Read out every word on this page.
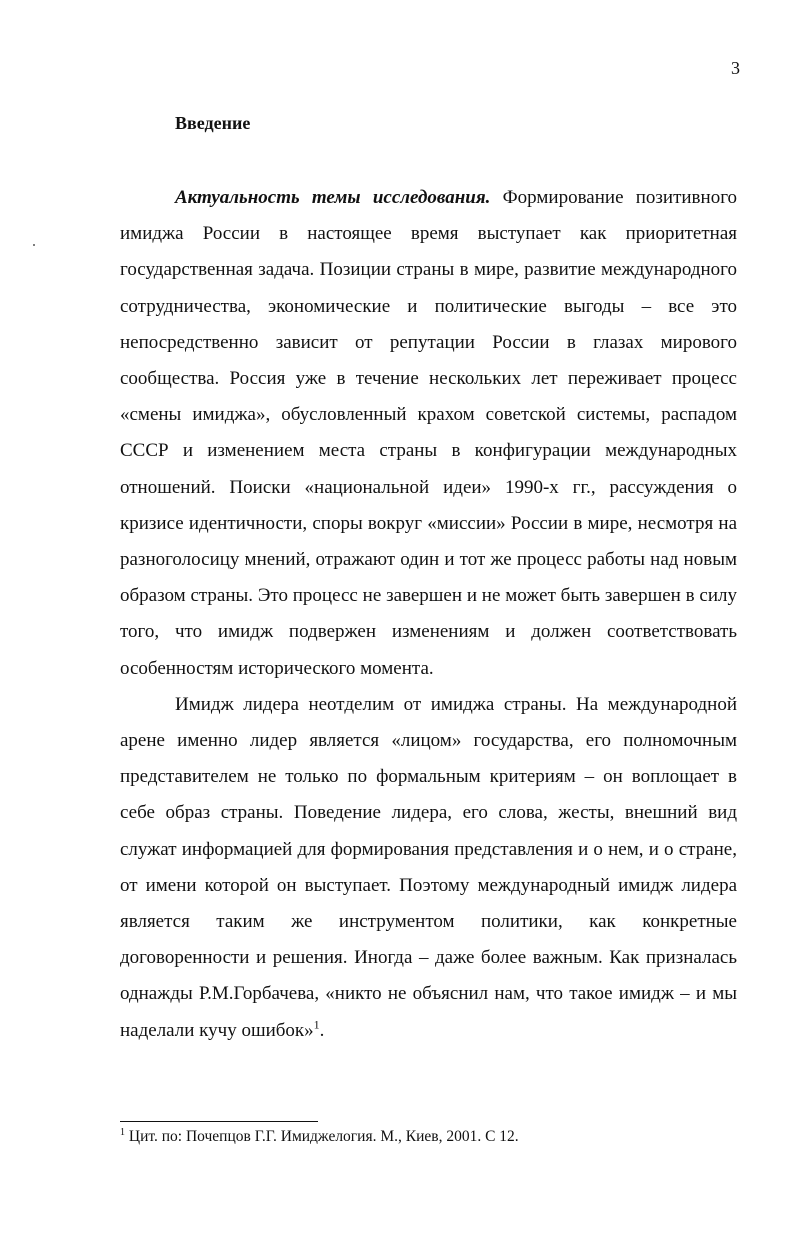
3
Введение

Актуальность темы исследования. Формирование позитивного имиджа России в настоящее время выступает как приоритетная государственная задача. Позиции страны в мире, развитие международного сотрудничества, экономические и политические выгоды – все это непосредственно зависит от репутации России в глазах мирового сообщества. Россия уже в течение нескольких лет переживает процесс «смены имиджа», обусловленный крахом советской системы, распадом СССР и изменением места страны в конфигурации международных отношений. Поиски «национальной идеи» 1990-х гг., рассуждения о кризисе идентичности, споры вокруг «миссии» России в мире, несмотря на разноголосицу мнений, отражают один и тот же процесс работы над новым образом страны. Это процесс не завершен и не может быть завершен в силу того, что имидж подвержен изменениям и должен соответствовать особенностям исторического момента.

Имидж лидера неотделим от имиджа страны. На международной арене именно лидер является «лицом» государства, его полномочным представителем не только по формальным критериям – он воплощает в себе образ страны. Поведение лидера, его слова, жесты, внешний вид служат информацией для формирования представления и о нем, и о стране, от имени которой он выступает. Поэтому международный имидж лидера является таким же инструментом политики, как конкретные договоренности и решения. Иногда – даже более важным. Как призналась однажды Р.М.Горбачева, «никто не объяснил нам, что такое имидж – и мы наделали кучу ошибок»$^1$.

$^1$ Цит. по: Почепцов Г.Г. Имиджелогия. М., Киев, 2001. С 12.
